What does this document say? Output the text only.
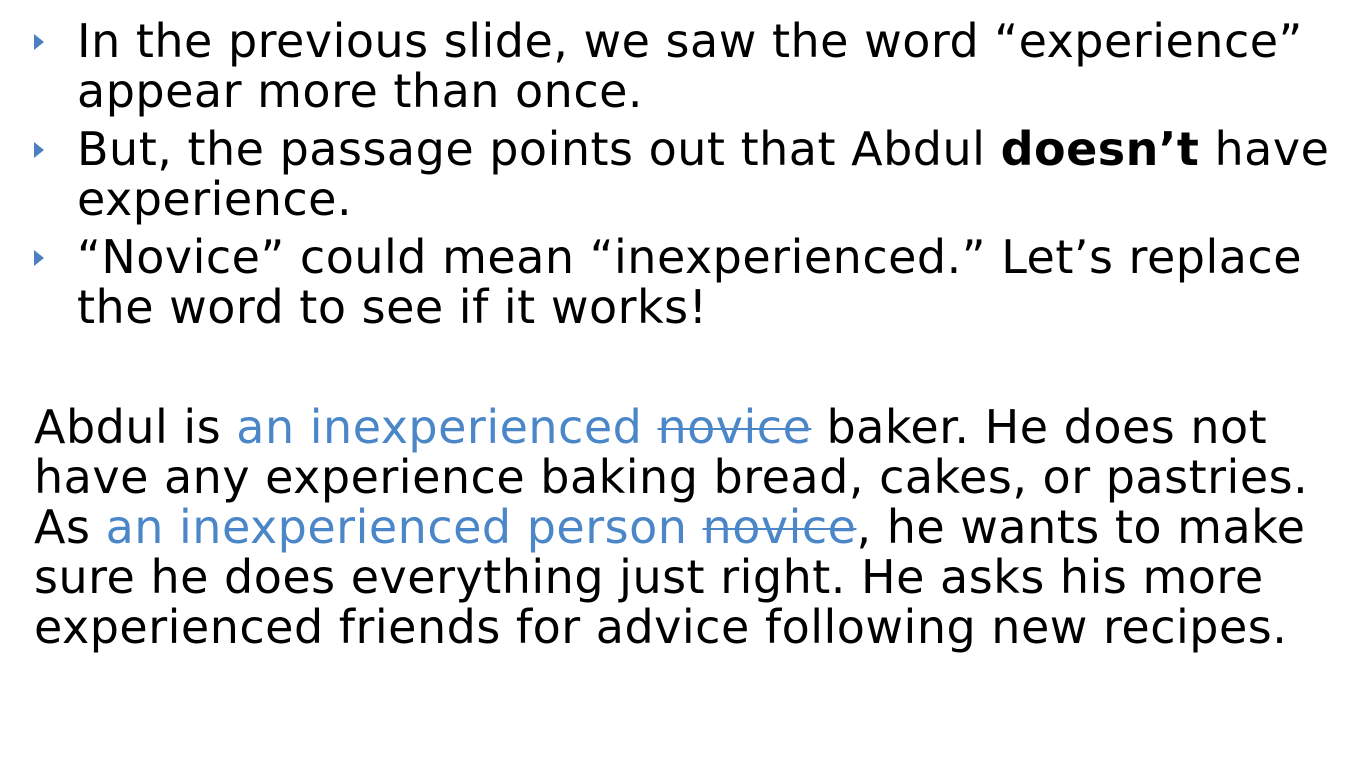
In the previous slide, we saw the word “experience” appear more than once.
But, the passage points out that Abdul doesn’t have experience.
“Novice” could mean “inexperienced.” Let’s replace the word to see if it works!

Abdul is an inexperienced novice baker. He does not have any experience baking bread, cakes, or pastries. As an inexperienced person novice, he wants to make sure he does everything just right. He asks his more experienced friends for advice following new recipes.
